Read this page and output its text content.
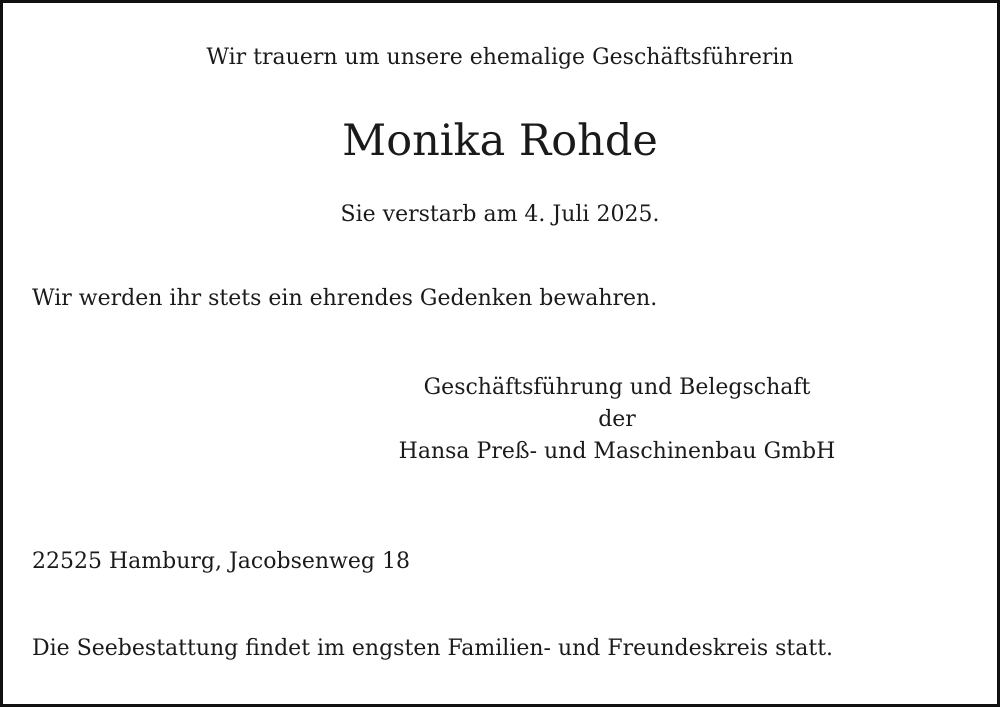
Wir trauern um unsere ehemalige Geschäftsführerin
Monika Rohde
Sie verstarb am 4. Juli 2025.
Wir werden ihr stets ein ehrendes Gedenken bewahren.
Geschäftsführung und Belegschaft
der
Hansa Preß- und Maschinenbau GmbH
22525 Hamburg, Jacobsenweg 18
Die Seebestattung findet im engsten Familien- und Freundeskreis statt.
